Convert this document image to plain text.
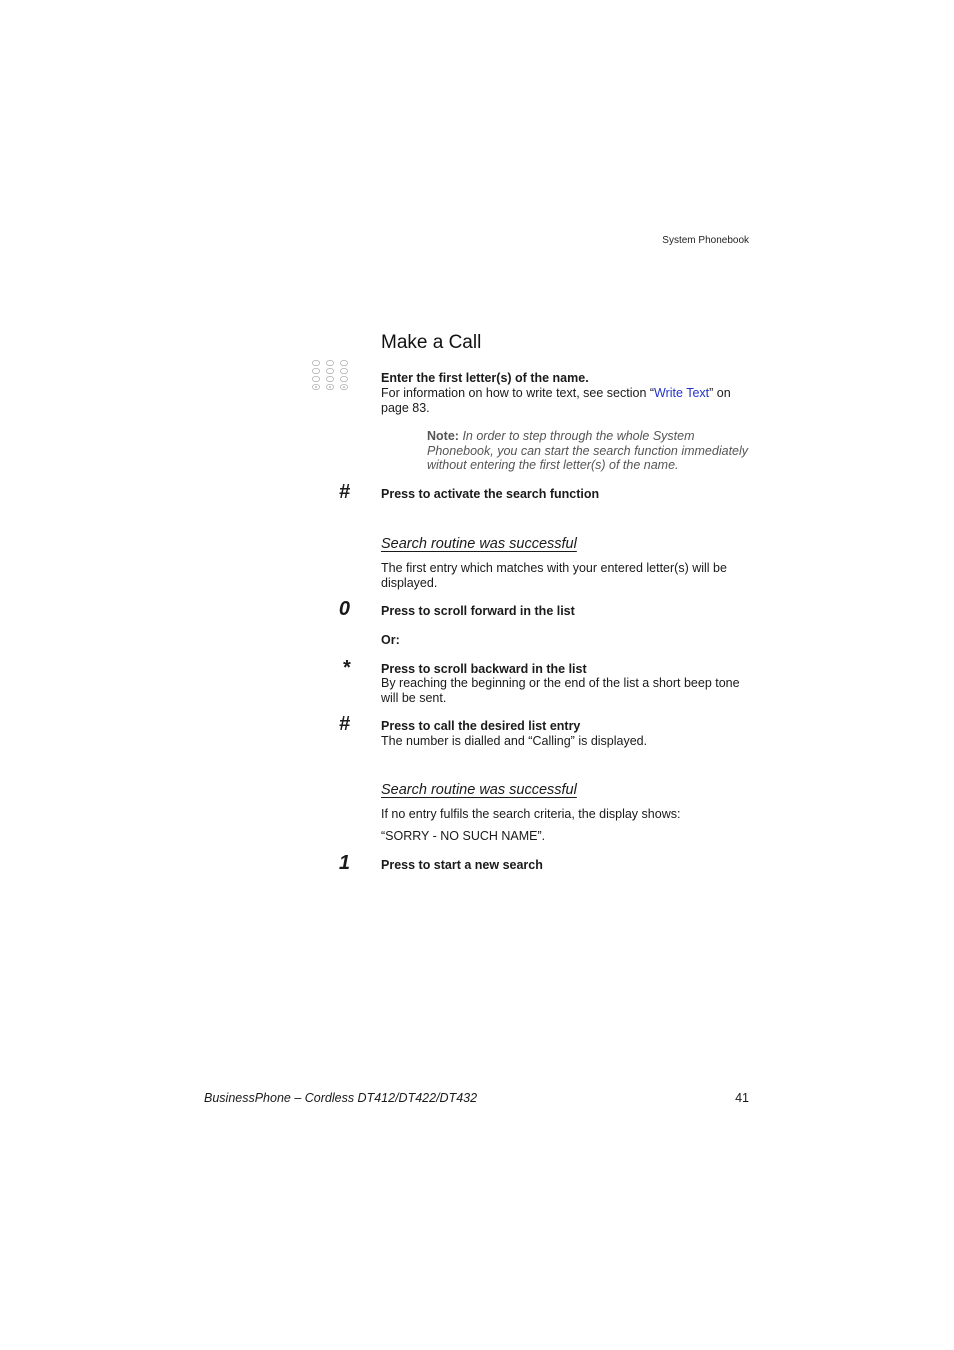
System Phonebook
Make a Call
Enter the first letter(s) of the name.
For information on how to write text, see section “Write Text” on page 83.
Note: In order to step through the whole System Phonebook, you can start the search function immediately without entering the first letter(s) of the name.
# Press to activate the search function
Search routine was successful
The first entry which matches with your entered letter(s) will be displayed.
0 Press to scroll forward in the list
Or:
* Press to scroll backward in the list
By reaching the beginning or the end of the list a short beep tone will be sent.
# Press to call the desired list entry
The number is dialled and “Calling” is displayed.
Search routine was successful
If no entry fulfils the search criteria, the display shows:
“SORRY - NO SUCH NAME”.
1 Press to start a new search
BusinessPhone – Cordless DT412/DT422/DT432	41
